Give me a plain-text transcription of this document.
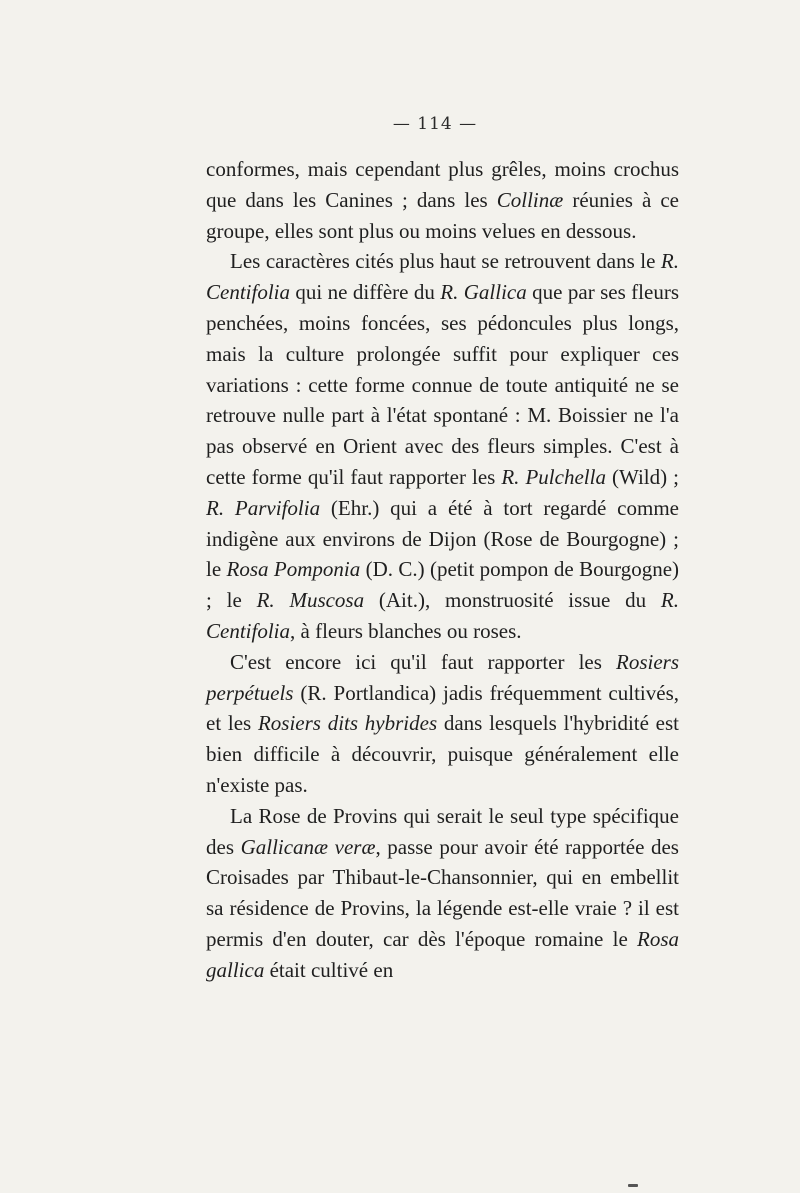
— 114 —

conformes, mais cependant plus grêles, moins crochus que dans les Canines ; dans les Collinæ réunies à ce groupe, elles sont plus ou moins velues en dessous.

Les caractères cités plus haut se retrouvent dans le R. Centifolia qui ne diffère du R. Gallica que par ses fleurs penchées, moins foncées, ses pédoncules plus longs, mais la culture prolongée suffit pour expliquer ces variations : cette forme connue de toute antiquité ne se retrouve nulle part à l'état spontané : M. Boissier ne l'a pas observé en Orient avec des fleurs simples. C'est à cette forme qu'il faut rapporter les R. Pulchella (Wild) ; R. Parvifolia (Ehr.) qui a été à tort regardé comme indigène aux environs de Dijon (Rose de Bourgogne) ; le Rosa Pomponia (D. C.) (petit pompon de Bourgogne) ; le R. Muscosa (Ait.), monstruosité issue du R. Centifolia, à fleurs blanches ou roses.

C'est encore ici qu'il faut rapporter les Rosiers perpétuels (R. Portlandica) jadis fréquemment cultivés, et les Rosiers dits hybrides dans lesquels l'hybridité est bien difficile à découvrir, puisque généralement elle n'existe pas.

La Rose de Provins qui serait le seul type spécifique des Gallicanæ veræ, passe pour avoir été rapportée des Croisades par Thibaut-le-Chansonnier, qui en embellit sa résidence de Provins, la légende est-elle vraie ? il est permis d'en douter, car dès l'époque romaine le Rosa gallica était cultivé en
